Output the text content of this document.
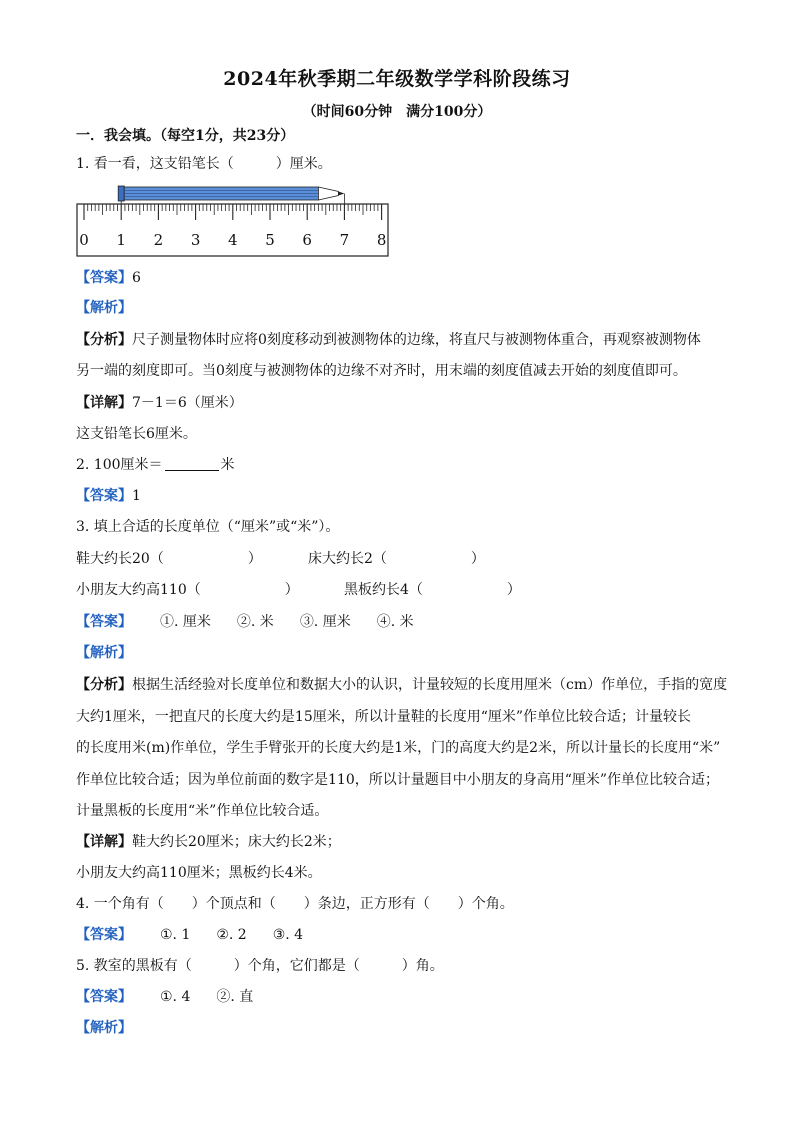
2024年秋季期二年级数学学科阶段练习
（时间60分钟　满分100分）
一．我会填。（每空1分，共23分）
1. 看一看，这支铅笔长（　　　）厘米。
0 1 2 3 4 5 6 7 8
【答案】6
【解析】
【分析】尺子测量物体时应将0刻度移动到被测物体的边缘，将直尺与被测物体重合，再观察被测物体
另一端的刻度即可。当0刻度与被测物体的边缘不对齐时，用末端的刻度值减去开始的刻度值即可。
【详解】7－1＝6（厘米）
这支铅笔长6厘米。
2. 100厘米＝	米
【答案】1
3. 填上合适的长度单位（“厘米”或“米”）。
鞋大约长20（　　　　　　）	床大约长2（　　　　　　）
小朋友大约高110（　　　　　　）	黑板约长4（　　　　　　）
【答案】 ①. 厘米 ②. 米 ③. 厘米 ④. 米
【解析】
【分析】根据生活经验对长度单位和数据大小的认识，计量较短的长度用厘米（cm）作单位，手指的宽度
大约1厘米，一把直尺的长度大约是15厘米，所以计量鞋的长度用“厘米”作单位比较合适；计量较长
的长度用米(m)作单位，学生手臂张开的长度大约是1米，门的高度大约是2米，所以计量长的长度用“米”
作单位比较合适；因为单位前面的数字是110，所以计量题目中小朋友的身高用“厘米”作单位比较合适；
计量黑板的长度用“米”作单位比较合适。
【详解】鞋大约长20厘米；床大约长2米；
小朋友大约高110厘米；黑板约长4米。
4. 一个角有（　　）个顶点和（　　）条边，正方形有（　　）个角。
【答案】 ①. 1 ②. 2 ③. 4
5. 教室的黑板有（　　　）个角，它们都是（　　　）角。
【答案】 ①. 4 ②. 直
【解析】
